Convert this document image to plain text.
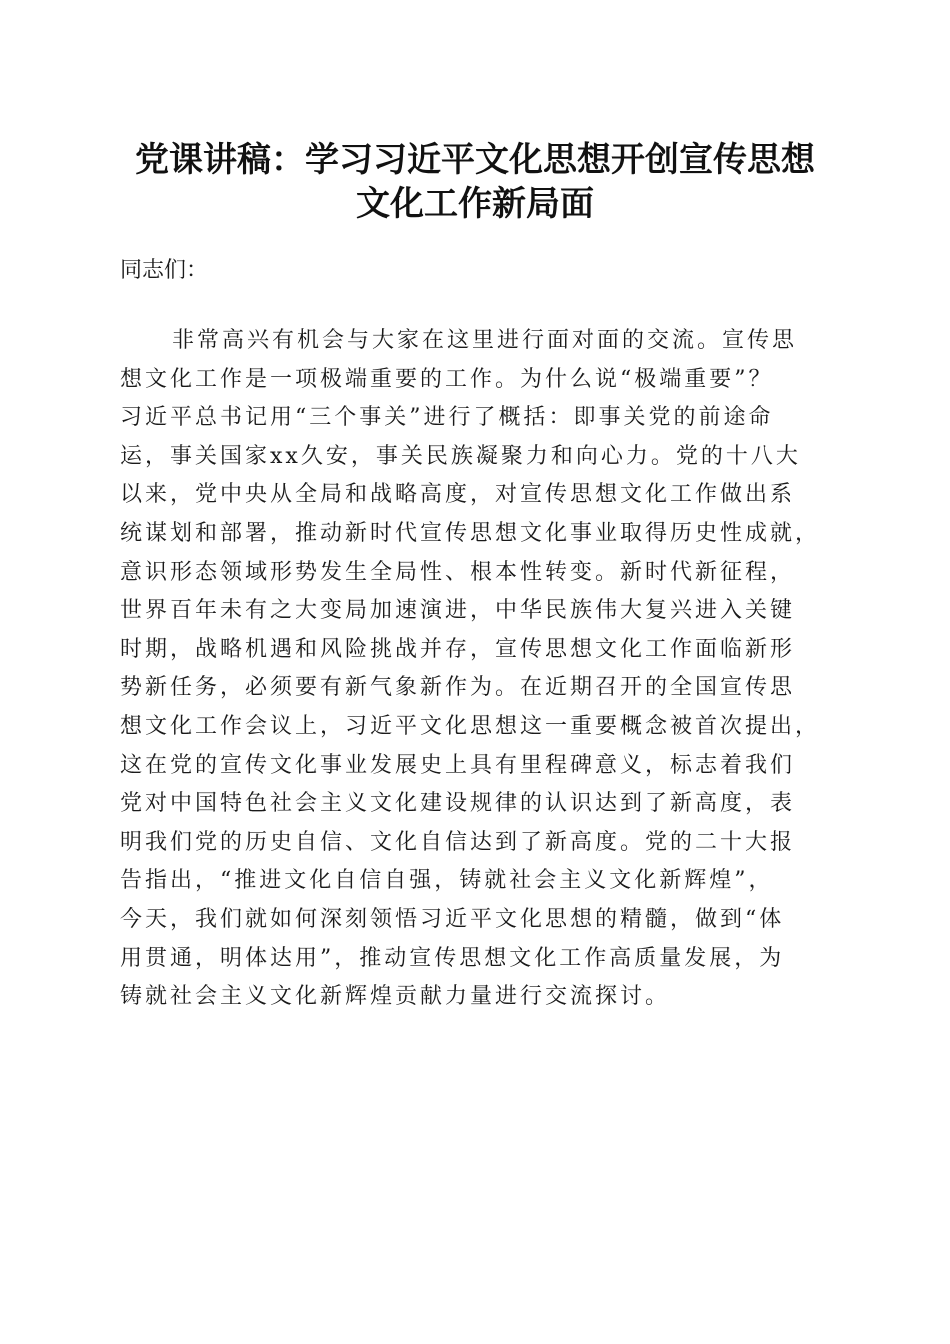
党课讲稿：学习习近平文化思想开创宣传思想
文化工作新局面

同志们：

非常高兴有机会与大家在这里进行面对面的交流。宣传思
想文化工作是一项极端重要的工作。为什么说“极端重要”？
习近平总书记用“三个事关”进行了概括：即事关党的前途命
运，事关国家xx久安，事关民族凝聚力和向心力。党的十八大
以来，党中央从全局和战略高度，对宣传思想文化工作做出系
统谋划和部署，推动新时代宣传思想文化事业取得历史性成就，
意识形态领域形势发生全局性、根本性转变。新时代新征程，
世界百年未有之大变局加速演进，中华民族伟大复兴进入关键
时期，战略机遇和风险挑战并存，宣传思想文化工作面临新形
势新任务，必须要有新气象新作为。在近期召开的全国宣传思
想文化工作会议上，习近平文化思想这一重要概念被首次提出，
这在党的宣传文化事业发展史上具有里程碑意义，标志着我们
党对中国特色社会主义文化建设规律的认识达到了新高度，表
明我们党的历史自信、文化自信达到了新高度。党的二十大报
告指出，“推进文化自信自强，铸就社会主义文化新辉煌”，
今天，我们就如何深刻领悟习近平文化思想的精髓，做到“体
用贯通，明体达用”，推动宣传思想文化工作高质量发展，为
铸就社会主义文化新辉煌贡献力量进行交流探讨。
